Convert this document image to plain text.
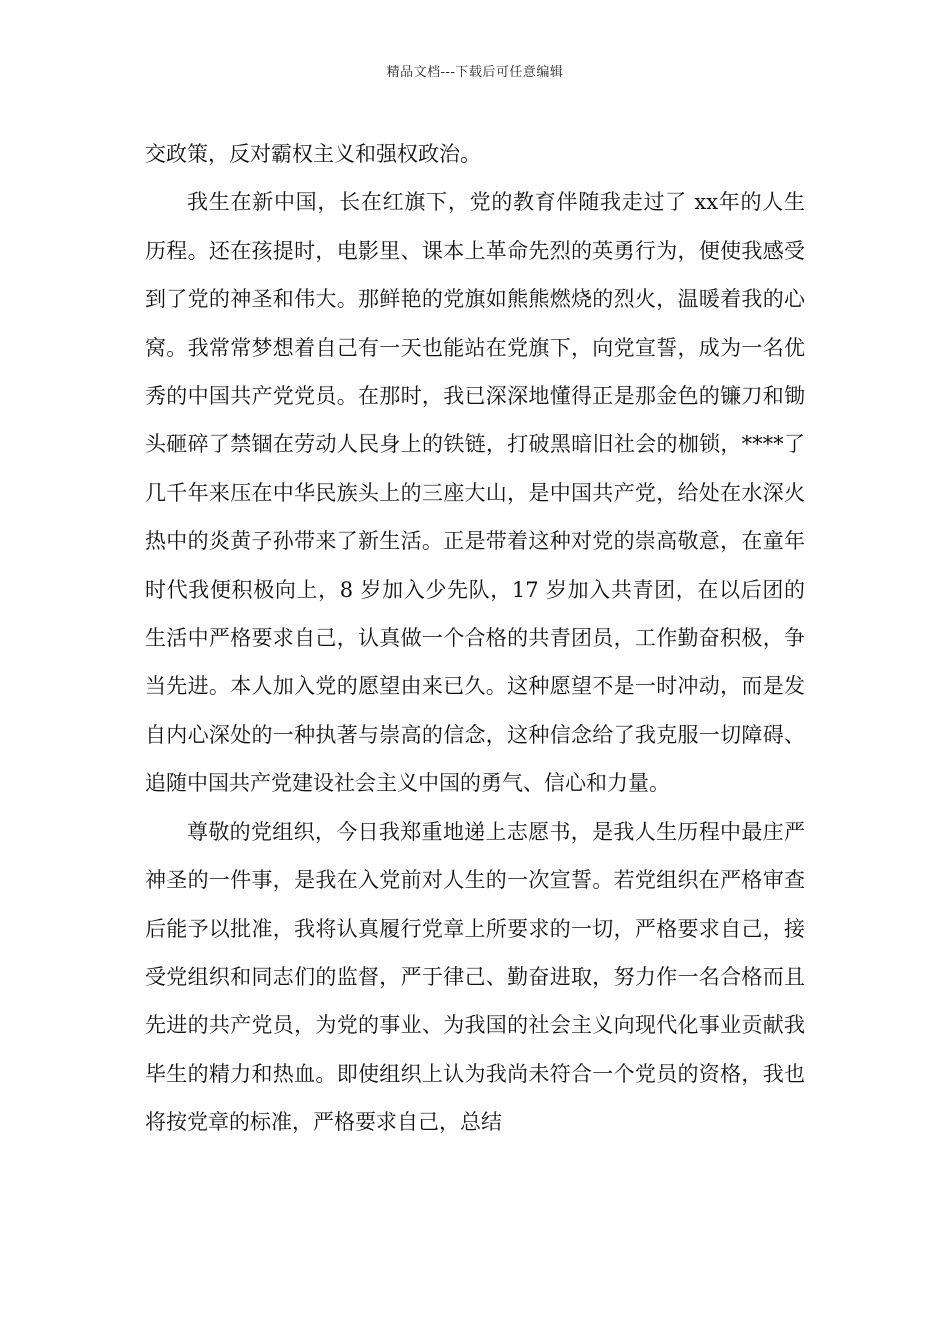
精品文档---下载后可任意编辑

交政策，反对霸权主义和强权政治。

我生在新中国，长在红旗下，党的教育伴随我走过了 xx年的人生历程。还在孩提时，电影里、课本上革命先烈的英勇行为，便使我感受到了党的神圣和伟大。那鲜艳的党旗如熊熊燃烧的烈火，温暖着我的心窝。我常常梦想着自己有一天也能站在党旗下，向党宣誓，成为一名优秀的中国共产党党员。在那时，我已深深地懂得正是那金色的镰刀和锄头砸碎了禁锢在劳动人民身上的铁链，打破黑暗旧社会的枷锁，****了几千年来压在中华民族头上的三座大山，是中国共产党，给处在水深火热中的炎黄子孙带来了新生活。正是带着这种对党的崇高敬意，在童年时代我便积极向上，8 岁加入少先队，17 岁加入共青团，在以后团的生活中严格要求自己，认真做一个合格的共青团员，工作勤奋积极，争当先进。本人加入党的愿望由来已久。这种愿望不是一时冲动，而是发自内心深处的一种执著与崇高的信念，这种信念给了我克服一切障碍、追随中国共产党建设社会主义中国的勇气、信心和力量。

尊敬的党组织，今日我郑重地递上志愿书，是我人生历程中最庄严神圣的一件事，是我在入党前对人生的一次宣誓。若党组织在严格审查后能予以批准，我将认真履行党章上所要求的一切，严格要求自己，接受党组织和同志们的监督，严于律己、勤奋进取，努力作一名合格而且先进的共产党员，为党的事业、为我国的社会主义向现代化事业贡献我毕生的精力和热血。即使组织上认为我尚未符合一个党员的资格，我也将按党章的标准，严格要求自己，总结
